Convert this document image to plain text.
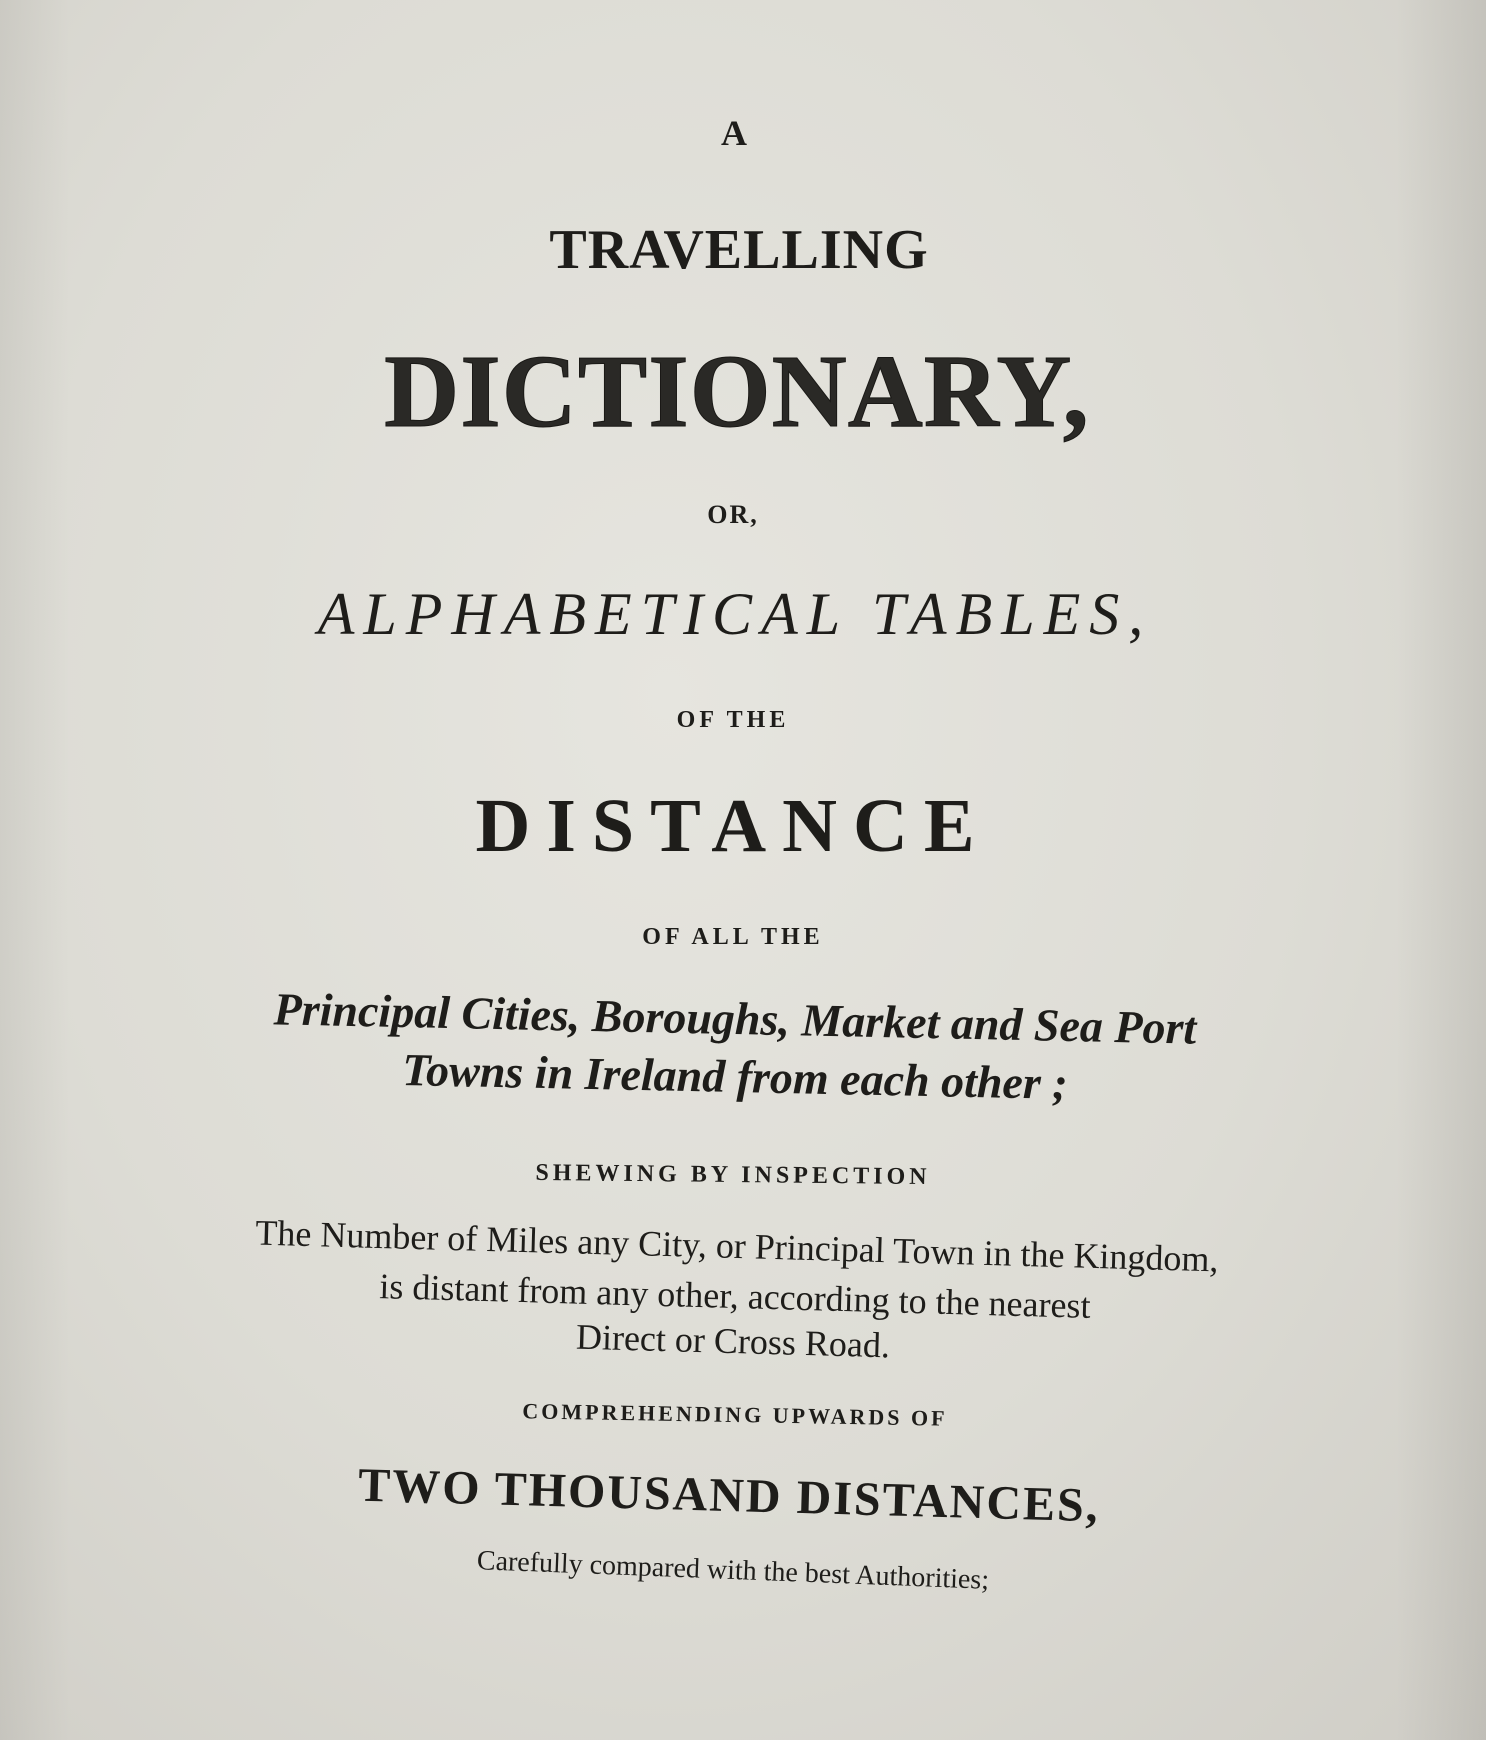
A
TRAVELLING
DICTIONARY,
OR,
ALPHABETICAL TABLES,
OF THE
DISTANCE
OF ALL THE
Principal Cities, Boroughs, Market and Sea Port
Towns in Ireland from each other ;
SHEWING BY INSPECTION
The Number of Miles any City, or Principal Town in the Kingdom,
is distant from any other, according to the nearest
Direct or Cross Road.
COMPREHENDING UPWARDS OF
TWO THOUSAND DISTANCES,
Carefully compared with the best Authorities;
